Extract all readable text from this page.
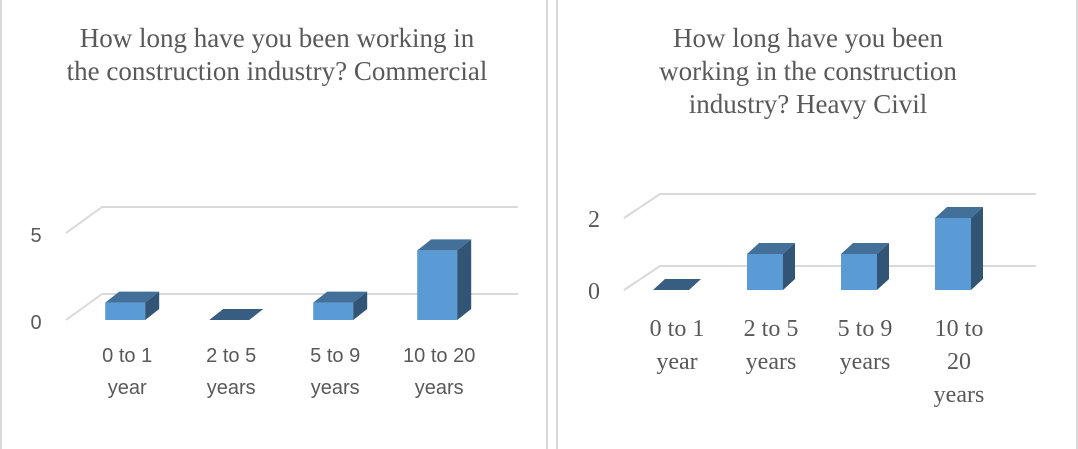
How long have you been working in the construction industry? Commercial
0
5
0 to 1
year
2 to 5
years
5 to 9
years
10 to 20
years
How long have you been working in the construction industry? Heavy Civil
0
2
0 to 1
year
2 to 5
years
5 to 9
years
10 to
20
years
